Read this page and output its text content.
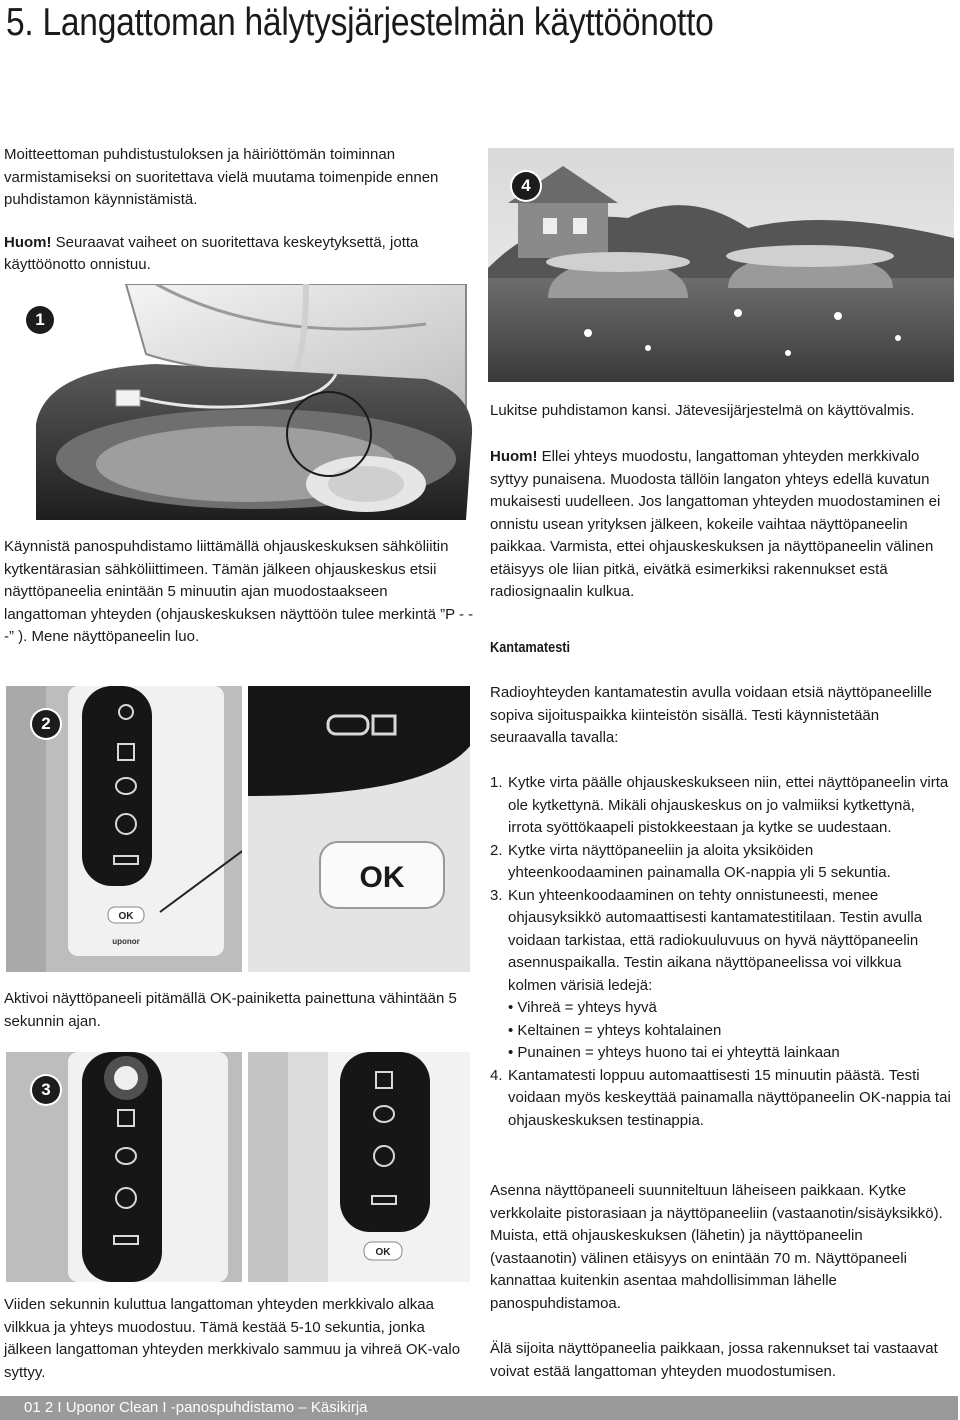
5. Langattoman hälytysjärjestelmän käyttöönotto
Moitteettoman puhdistustuloksen ja häiriöttömän toiminnan varmistamiseksi on suoritettava vielä muutama toimenpide ennen puhdistamon käynnistämistä.
Huom! Seuraavat vaiheet on suoritettava keskeytyksettä, jotta käyttöönotto onnistuu.
1
Käynnistä panospuhdistamo liittämällä ohjauskeskuksen sähköliitin kytkentärasian sähköliittimeen. Tämän jälkeen ohjauskeskus etsii näyttöpaneelia enintään 5 minuutin ajan muodostaakseen langattoman yhteyden (ohjauskeskuksen näyttöön tulee merkintä ”P - - -” ). Mene näyttöpaneelin luo.
4
Lukitse puhdistamon kansi. Jätevesijärjestelmä on käyttövalmis.
Huom! Ellei yhteys muodostu, langattoman yhteyden merkkivalo syttyy punaisena. Muodosta tällöin langaton yhteys edellä kuvatun mukaisesti uudelleen. Jos langattoman yhteyden muodostaminen ei onnistu usean yrityksen jälkeen, kokeile vaihtaa näyttöpaneelin paikkaa. Varmista, ettei ohjauskeskuksen ja näyttöpaneelin välinen etäisyys ole liian pitkä, eivätkä esimerkiksi rakennukset estä radiosignaalin kulkua.
Kantamatesti
Radioyhteyden kantamatestin avulla voidaan etsiä näyttöpaneelille sopiva sijoituspaikka kiinteistön sisällä. Testi käynnistetään seuraavalla tavalla:
1. Kytke virta päälle ohjauskeskukseen niin, ettei näyttöpaneelin virta ole kytkettynä. Mikäli ohjauskeskus on jo valmiiksi kytkettynä, irrota syöttökaapeli pistokkeestaan ja kytke se uudestaan.
2. Kytke virta näyttöpaneeliin ja aloita yksiköiden yhteenkoodaaminen painamalla OK-nappia yli 5 sekuntia.
3. Kun yhteenkoodaaminen on tehty onnistuneesti, menee ohjausyksikkö automaattisesti kantamatestitilaan. Testin avulla voidaan tarkistaa, että radiokuuluvuus on hyvä näyttöpaneelin asennuspaikalla. Testin aikana näyttöpaneelissa voi vilkkua kolmen värisiä ledejä:
• Vihreä = yhteys hyvä
• Keltainen = yhteys kohtalainen
• Punainen = yhteys huono tai ei yhteyttä lainkaan
4. Kantamatesti loppuu automaattisesti 15 minuutin päästä. Testi voidaan myös keskeyttää painamalla näyttöpaneelin OK-nappia tai ohjauskeskuksen testinappia.
Asenna näyttöpaneeli suunniteltuun läheiseen paikkaan. Kytke verkkolaite pistorasiaan ja näyttöpaneeliin (vastaanotin/sisäyksikkö). Muista, että ohjauskeskuksen (lähetin) ja näyttöpaneelin (vastaanotin) välinen etäisyys on enintään 70 m. Näyttöpaneeli kannattaa kuitenkin asentaa mahdollisimman lähelle panospuhdistamoa.
Älä sijoita näyttöpaneelia paikkaan, jossa rakennukset tai vastaavat voivat estää langattoman yhteyden muodostumisen.
OK
uponor
2
OK
Aktivoi näyttöpaneeli pitämällä OK-painiketta painettuna vähintään 5 sekunnin ajan.
3
OK
Viiden sekunnin kuluttua langattoman yhteyden merkkivalo alkaa vilkkua ja yhteys muodostuu. Tämä kestää 5-10 sekuntia, jonka jälkeen langattoman yhteyden merkkivalo sammuu ja vihreä OK-valo syttyy.
01 2 I Uponor Clean I -panospuhdistamo – Käsikirja
